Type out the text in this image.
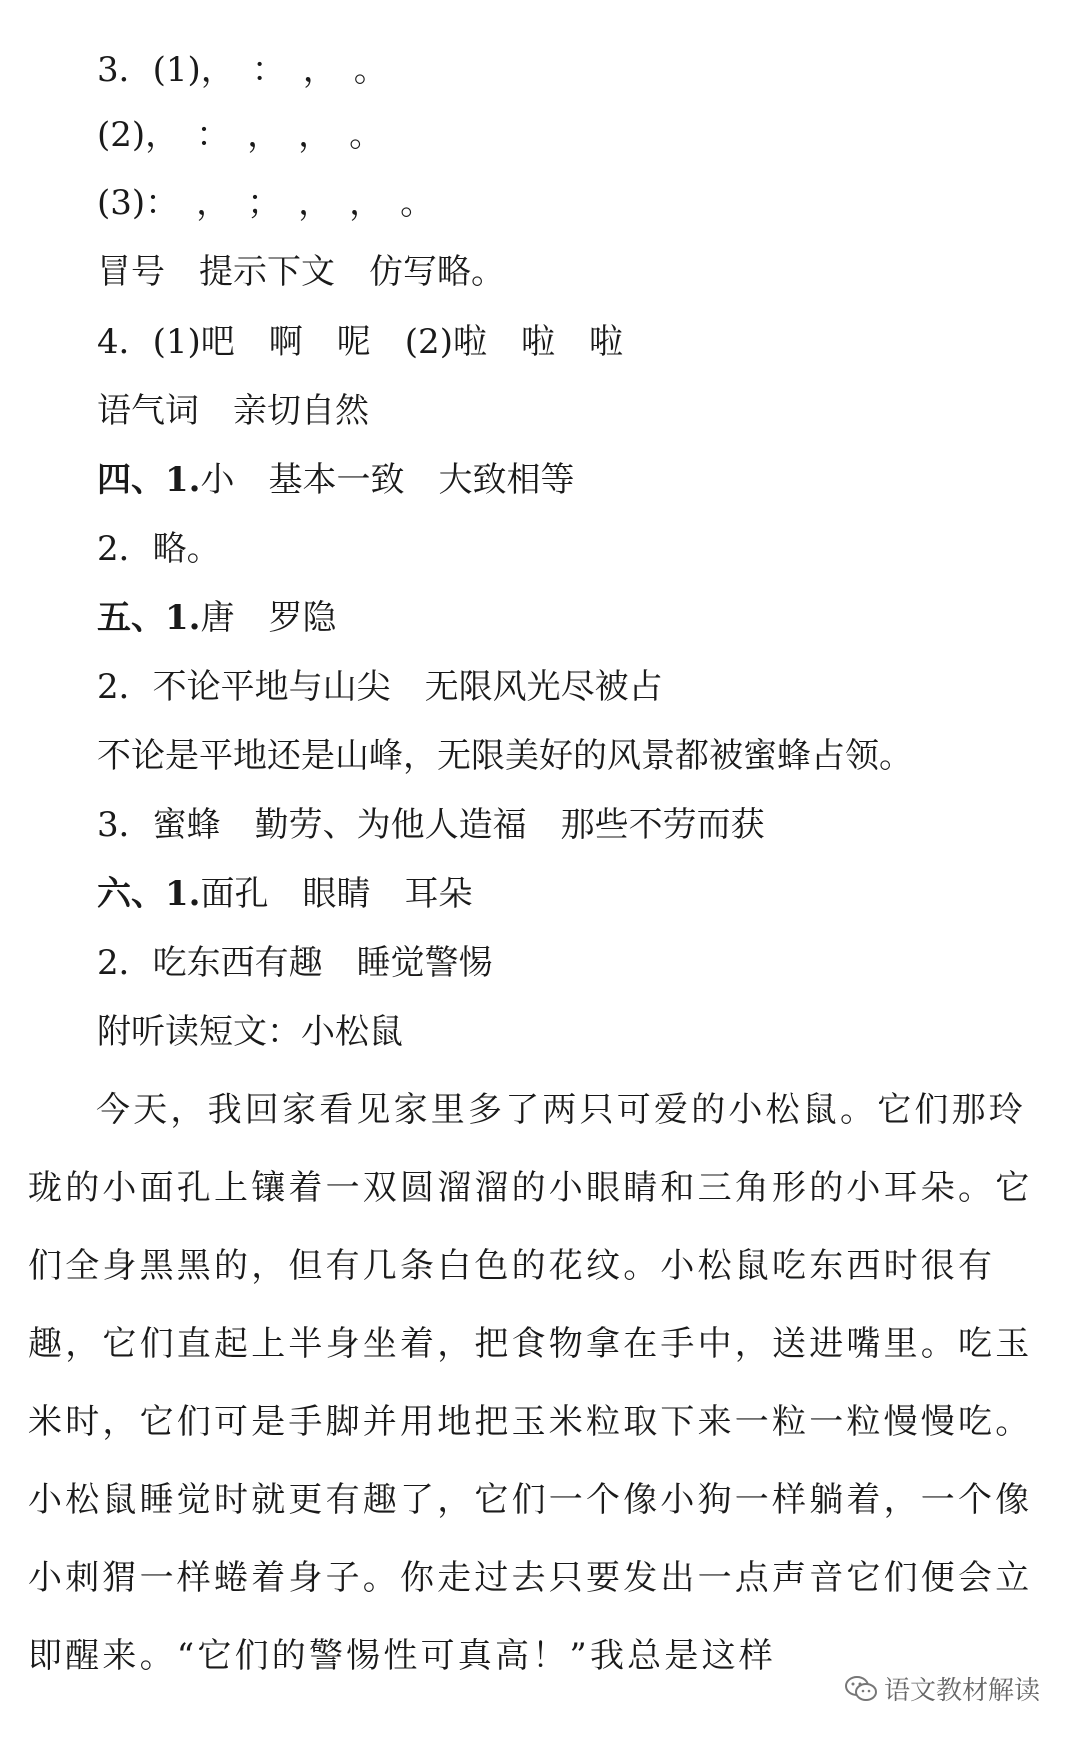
3．(1)，　：　，　。
(2)，　：　，　，　。
(3)：　，　；　，　，　。
冒号　提示下文　仿写略。
4．(1)吧　啊　呢　(2)啦　啦　啦
语气词　亲切自然
四、1.小　基本一致　大致相等
2．略。
五、1.唐　罗隐
2．不论平地与山尖　无限风光尽被占
不论是平地还是山峰，无限美好的风景都被蜜蜂占领。
3．蜜蜂　勤劳、为他人造福　那些不劳而获
六、1.面孔　眼睛　耳朵
2．吃东西有趣　睡觉警惕
附听读短文：小松鼠
今天，我回家看见家里多了两只可爱的小松鼠。它们那玲珑的小面孔上镶着一双圆溜溜的小眼睛和三角形的小耳朵。它们全身黑黑的，但有几条白色的花纹。小松鼠吃东西时很有趣，它们直起上半身坐着，把食物拿在手中，送进嘴里。吃玉米时，它们可是手脚并用地把玉米粒取下来一粒一粒慢慢吃。小松鼠睡觉时就更有趣了，它们一个像小狗一样躺着，一个像小刺猬一样蜷着身子。你走过去只要发出一点声音它们便会立即醒来。“它们的警惕性可真高！”我总是这样
语文教材解读
